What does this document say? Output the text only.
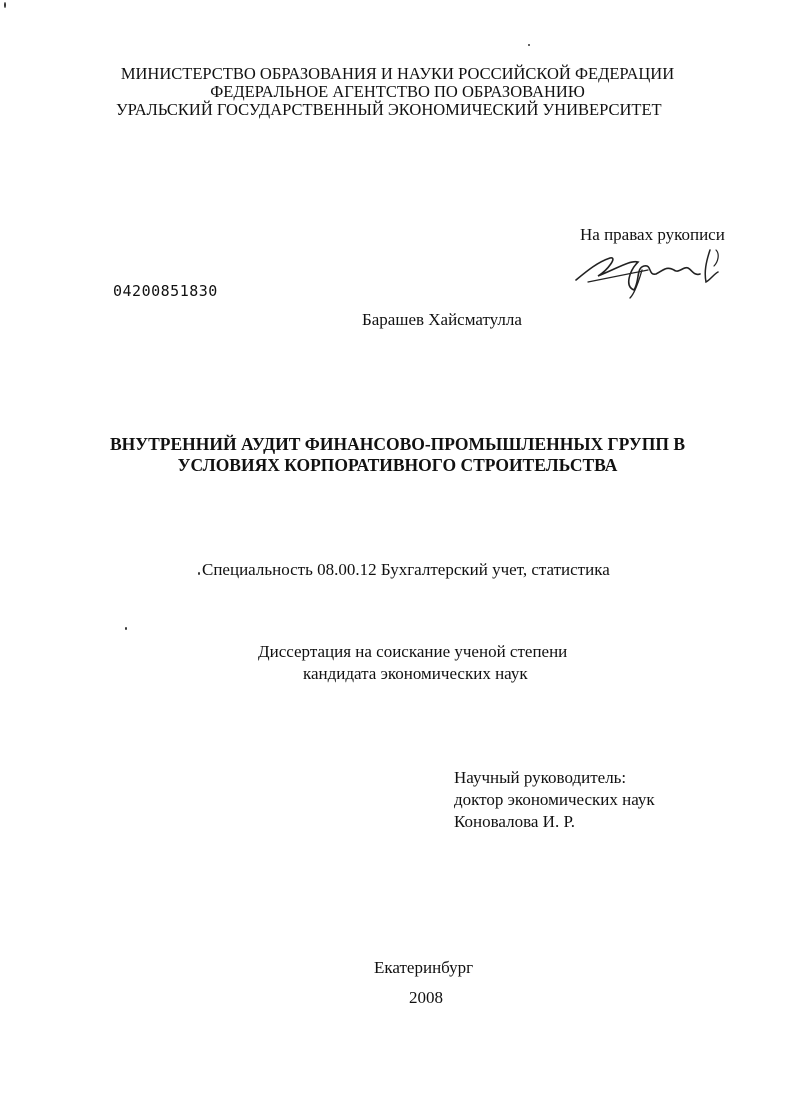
МИНИСТЕРСТВО ОБРАЗОВАНИЯ И НАУКИ РОССИЙСКОЙ ФЕДЕРАЦИИ
ФЕДЕРАЛЬНОЕ АГЕНТСТВО ПО ОБРАЗОВАНИЮ
УРАЛЬСКИЙ ГОСУДАРСТВЕННЫЙ ЭКОНОМИЧЕСКИЙ УНИВЕРСИТЕТ
На правах рукописи
04200851830
Барашев Хайсматулла
ВНУТРЕННИЙ АУДИТ ФИНАНСОВО-ПРОМЫШЛЕННЫХ ГРУПП В
УСЛОВИЯХ КОРПОРАТИВНОГО СТРОИТЕЛЬСТВА
Специальность 08.00.12 Бухгалтерский учет, статистика
Диссертация на соискание ученой степени
кандидата экономических наук
Научный руководитель:
доктор экономических наук
Коновалова И. Р.
Екатеринбург
2008
